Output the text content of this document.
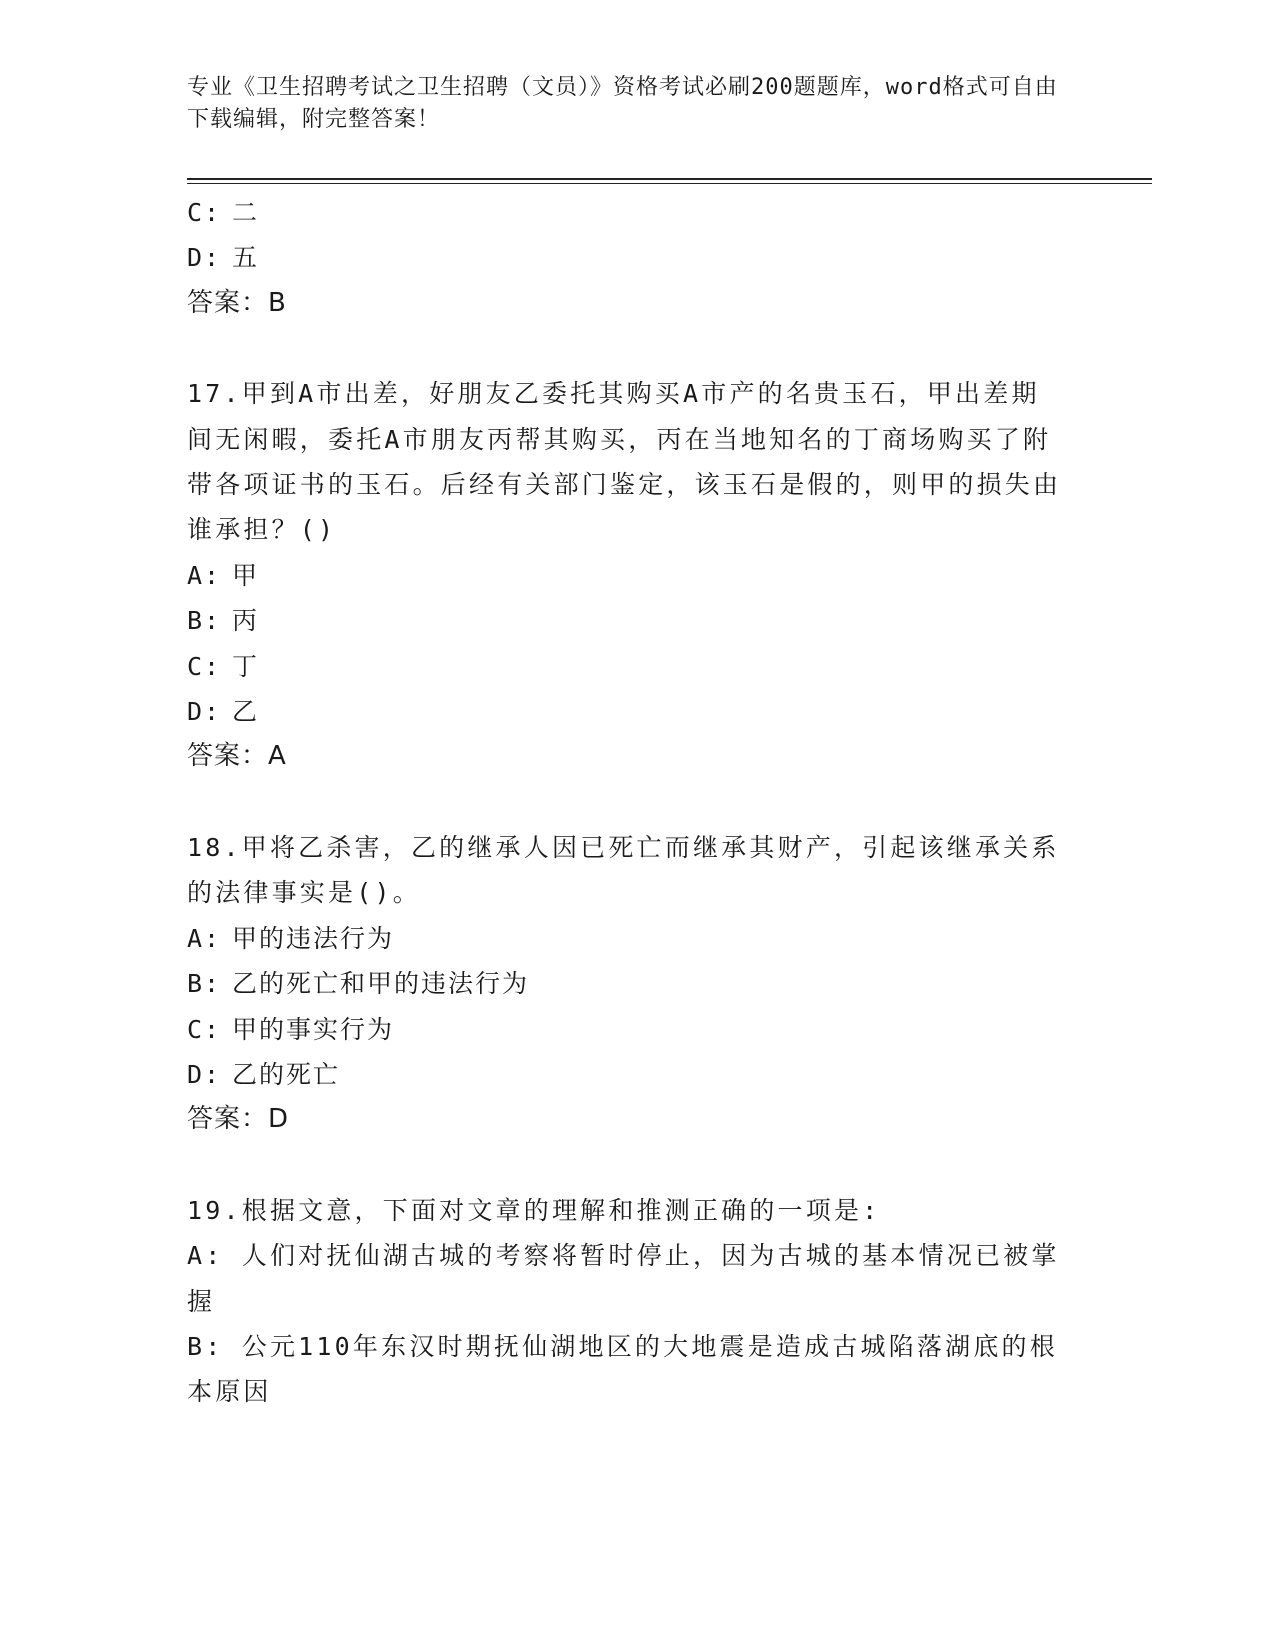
专业《卫生招聘考试之卫生招聘（文员）》资格考试必刷200题题库，word格式可自由下载编辑，附完整答案！
C: 二
D: 五
答案：B
17.甲到A市出差，好朋友乙委托其购买A市产的名贵玉石，甲出差期间无闲暇，委托A市朋友丙帮其购买，丙在当地知名的丁商场购买了附带各项证书的玉石。后经有关部门鉴定，该玉石是假的，则甲的损失由谁承担？()
A: 甲
B: 丙
C: 丁
D: 乙
答案：A
18.甲将乙杀害，乙的继承人因已死亡而继承其财产，引起该继承关系的法律事实是()。
A: 甲的违法行为
B: 乙的死亡和甲的违法行为
C: 甲的事实行为
D: 乙的死亡
答案：D
19.根据文意，下面对文章的理解和推测正确的一项是:
A: 人们对抚仙湖古城的考察将暂时停止，因为古城的基本情况已被掌握
B: 公元110年东汉时期抚仙湖地区的大地震是造成古城陷落湖底的根本原因
